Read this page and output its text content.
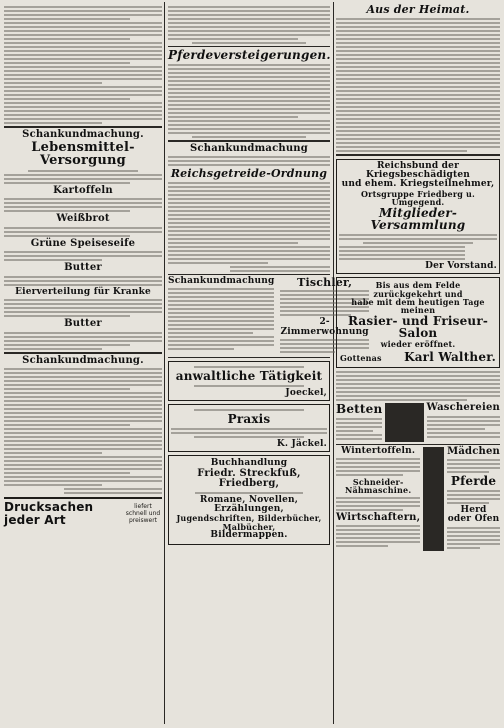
Schankundmachung.
Lebensmittel-Versorgung
Kartoffeln
Weißbrot
Grüne Speiseseife
Butter
Eierverteilung für Kranke
Butter
Schankundmachung.
Drucksachen jeder Art
liefert schnell und preiswert
Pferdeversteigerungen.
Schankundmachung
Reichsgetreide-Ordnung
Schankundmachung	Tischler,
2-Zimmerwohnung
anwaltliche Tätigkeit
Joeckel,
Praxis
K. Jäckel.
Buchhandlung
Friedr. Streckfuß, Friedberg,
Romane, Novellen, Erzählungen,
Jugendschriften, Bilderbücher, Malbücher,
Bildermappen.
Aus der Heimat.
Reichsbund der Kriegsbeschädigten
und ehem. Kriegsteilnehmer,
Ortsgruppe Friedberg u. Umgegend.
Mitglieder-Versammlung
Der Vorstand.
Bis aus dem Felde zurückgekehrt und
habe mit dem heutigen Tage meinen
Rasier- und Friseur-Salon
wieder eröffnet.
Gottenas Karl Walther.
Betten	Waschereien
Wintertoffeln.
Schneider-Nähmaschine.
Wirtschaftern,
Mädchen
Pferde
Herd oder Ofen
